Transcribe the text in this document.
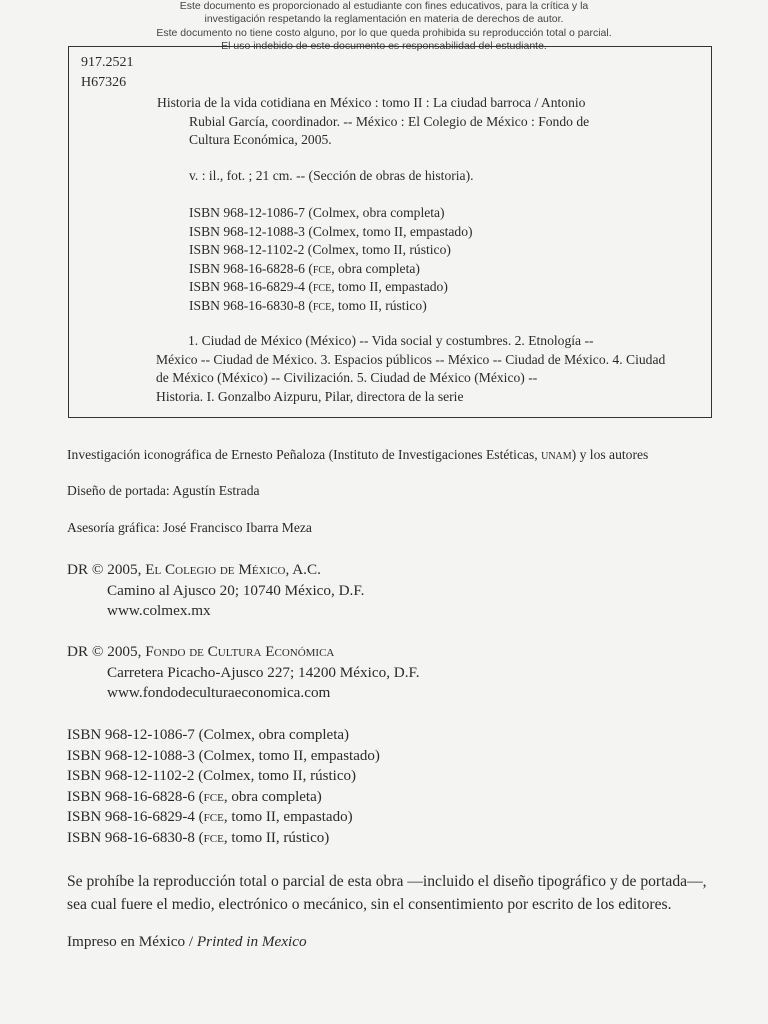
Este documento es proporcionado al estudiante con fines educativos, para la crítica y la
investigación respetando la reglamentación en materia de derechos de autor.
Este documento no tiene costo alguno, por lo que queda prohibida su reproducción total o parcial.
El uso indebido de este documento es responsabilidad del estudiante.
917.2521
H67326
Historia de la vida cotidiana en México : tomo II : La ciudad barroca / Antonio
Rubial García, coordinador. -- México : El Colegio de México : Fondo de
Cultura Económica, 2005.
v. : il., fot. ; 21 cm. -- (Sección de obras de historia).
ISBN 968-12-1086-7 (Colmex, obra completa)
ISBN 968-12-1088-3 (Colmex, tomo II, empastado)
ISBN 968-12-1102-2 (Colmex, tomo II, rústico)
ISBN 968-16-6828-6 (fce, obra completa)
ISBN 968-16-6829-4 (fce, tomo II, empastado)
ISBN 968-16-6830-8 (fce, tomo II, rústico)
1. Ciudad de México (México) -- Vida social y costumbres. 2. Etnología --
México -- Ciudad de México. 3. Espacios públicos -- México -- Ciudad de México. 4. Ciudad
de México (México) -- Civilización. 5. Ciudad de México (México) --
Historia. I. Gonzalbo Aizpuru, Pilar, directora de la serie
Investigación iconográfica de Ernesto Peñaloza (Instituto de Investigaciones Estéticas, unam) y los autores
Diseño de portada: Agustín Estrada
Asesoría gráfica: José Francisco Ibarra Meza
DR © 2005, El Colegio de México, A.C.
Camino al Ajusco 20; 10740 México, D.F.
www.colmex.mx
DR © 2005, Fondo de Cultura Económica
Carretera Picacho-Ajusco 227; 14200 México, D.F.
www.fondodeculturaeconomica.com
ISBN 968-12-1086-7 (Colmex, obra completa)
ISBN 968-12-1088-3 (Colmex, tomo II, empastado)
ISBN 968-12-1102-2 (Colmex, tomo II, rústico)
ISBN 968-16-6828-6 (fce, obra completa)
ISBN 968-16-6829-4 (fce, tomo II, empastado)
ISBN 968-16-6830-8 (fce, tomo II, rústico)
Se prohíbe la reproducción total o parcial de esta obra —incluido el diseño tipográfico y de portada—,
sea cual fuere el medio, electrónico o mecánico, sin el consentimiento por escrito de los editores.
Impreso en México / Printed in Mexico
